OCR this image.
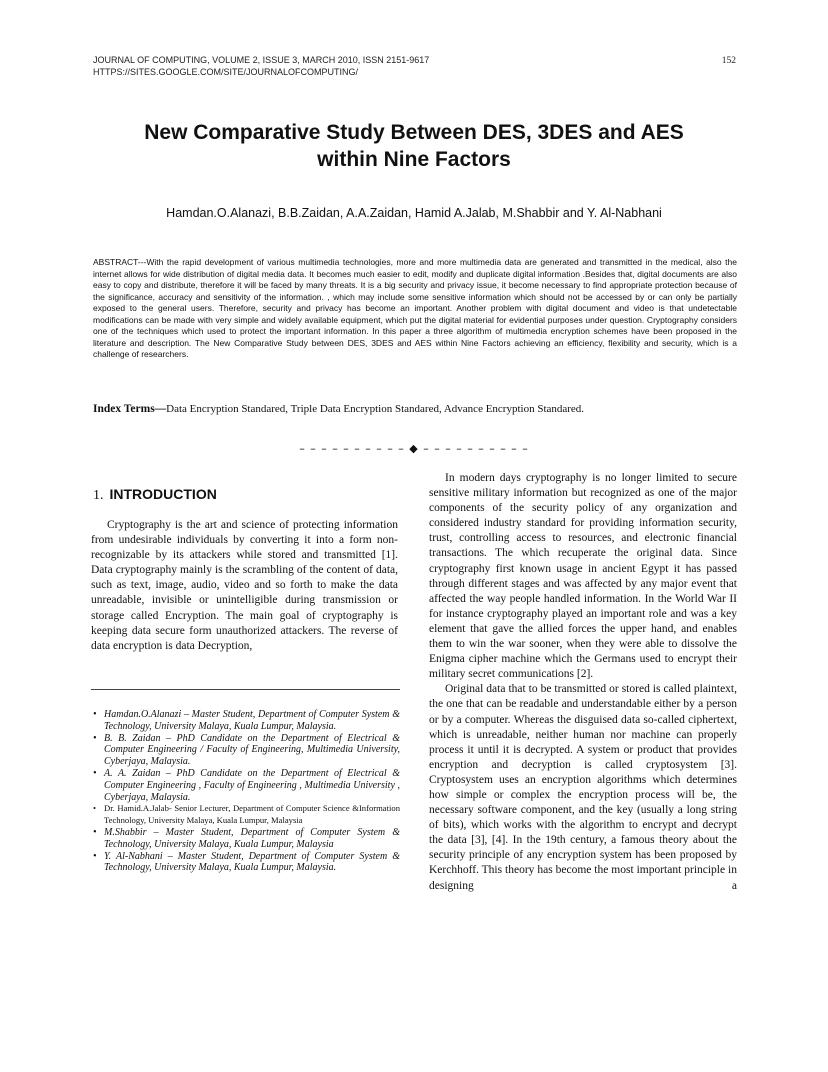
JOURNAL OF COMPUTING, VOLUME 2, ISSUE 3, MARCH 2010, ISSN 2151-9617
HTTPS://SITES.GOOGLE.COM/SITE/JOURNALOFCOMPUTING/
152
New Comparative Study Between DES, 3DES and AES
within Nine Factors
Hamdan.O.Alanazi, B.B.Zaidan, A.A.Zaidan, Hamid A.Jalab, M.Shabbir and Y. Al-Nabhani

ABSTRACT---With the rapid development of various multimedia technologies, more and more multimedia data are generated and transmitted in the medical, also the internet allows for wide distribution of digital media data. It becomes much easier to edit, modify and duplicate digital information .Besides that, digital documents are also easy to copy and distribute, therefore it will be faced by many threats. It is a big security and privacy issue, it become necessary to find appropriate protection because of the significance, accuracy and sensitivity of the information. , which may include some sensitive information which should not be accessed by or can only be partially exposed to the general users. Therefore, security and privacy has become an important. Another problem with digital document and video is that undetectable modifications can be made with very simple and widely available equipment, which put the digital material for evidential purposes under question. Cryptography considers one of the techniques which used to protect the important information. In this paper a three algorithm of multimedia encryption schemes have been proposed in the literature and description. The New Comparative Study between DES, 3DES and AES within Nine Factors achieving an efficiency, flexibility and security, which is a challenge of researchers.

Index Terms—Data Encryption Standared, Triple Data Encryption Standared, Advance Encryption Standared.
– – – – – – – – – – ◆ – – – – – – – – – –
1. INTRODUCTION

Cryptography is the art and science of protecting information from undesirable individuals by converting it into a form non-recognizable by its attackers while stored and transmitted [1]. Data cryptography mainly is the scrambling of the content of data, such as text, image, audio, video and so forth to make the data unreadable, invisible or unintelligible during transmission or storage called Encryption. The main goal of cryptography is keeping data secure form unauthorized attackers. The reverse of data encryption is data Decryption,

• Hamdan.O.Alanazi – Master Student, Department of Computer System & Technology, University Malaya, Kuala Lumpur, Malaysia.
• B. B. Zaidan – PhD Candidate on the Department of Electrical & Computer Engineering / Faculty of Engineering, Multimedia University, Cyberjaya, Malaysia.
• A. A. Zaidan – PhD Candidate on the Department of Electrical & Computer Engineering , Faculty of Engineering , Multimedia University , Cyberjaya, Malaysia.
• Dr. Hamid.A.Jalab- Senior Lecturer, Department of Computer Science &Information Technology, University Malaya, Kuala Lumpur, Malaysia
• M.Shabbir – Master Student, Department of Computer System & Technology, University Malaya, Kuala Lumpur, Malaysia
• Y. Al-Nabhani – Master Student, Department of Computer System & Technology, University Malaya, Kuala Lumpur, Malaysia.

In modern days cryptography is no longer limited to secure sensitive military information but recognized as one of the major components of the security policy of any organization and considered industry standard for providing information security, trust, controlling access to resources, and electronic financial transactions. The which recuperate the original data. Since cryptography first known usage in ancient Egypt it has passed through different stages and was affected by any major event that affected the way people handled information. In the World War II for instance cryptography played an important role and was a key element that gave the allied forces the upper hand, and enables them to win the war sooner, when they were able to dissolve the Enigma cipher machine which the Germans used to encrypt their military secret communications [2].

Original data that to be transmitted or stored is called plaintext, the one that can be readable and understandable either by a person or by a computer. Whereas the disguised data so-called ciphertext, which is unreadable, neither human nor machine can properly process it until it is decrypted. A system or product that provides encryption and decryption is called cryptosystem [3]. Cryptosystem uses an encryption algorithms which determines how simple or complex the encryption process will be, the necessary software component, and the key (usually a long string of bits), which works with the algorithm to encrypt and decrypt the data [3], [4]. In the 19th century, a famous theory about the security principle of any encryption system has been proposed by Kerchhoff. This theory has become the most important principle in designing a
